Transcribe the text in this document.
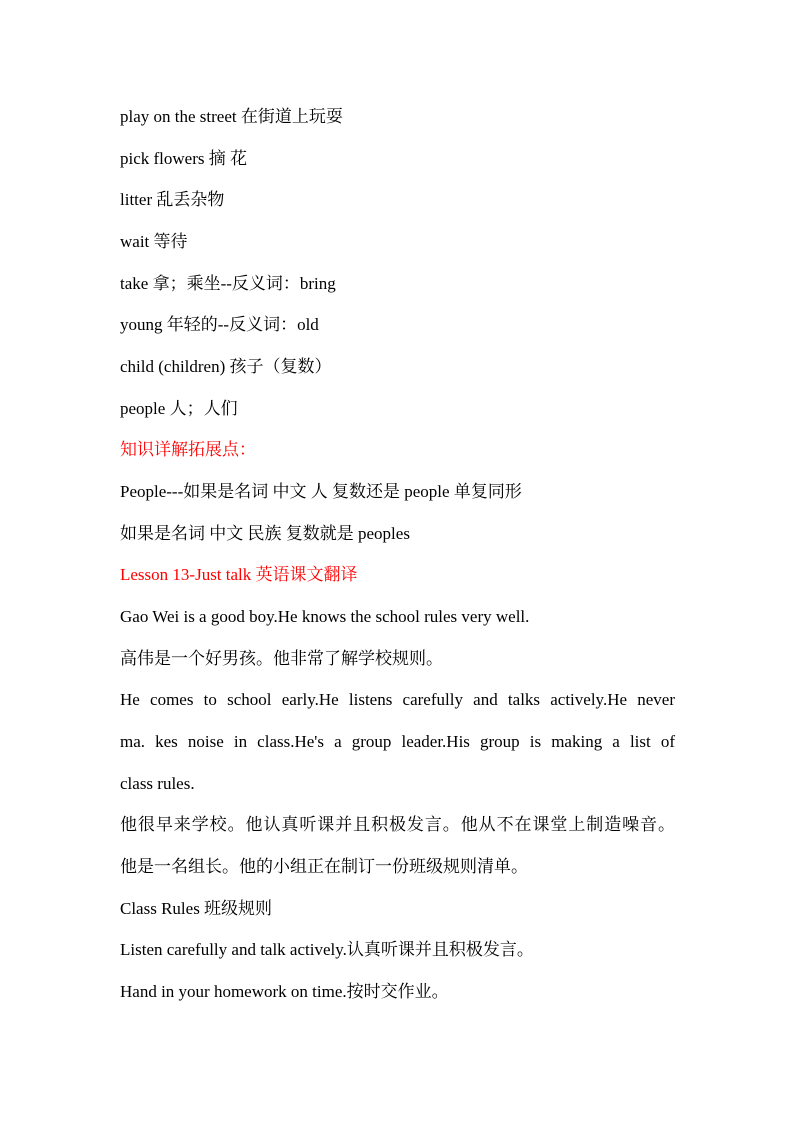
play on the street 在街道上玩耍
pick flowers 摘 花
litter 乱丢杂物
wait 等待
take 拿；乘坐--反义词：bring
young 年轻的--反义词：old
child (children) 孩子（复数）
people 人；人们
知识详解拓展点：
People---如果是名词 中文 人 复数还是 people 单复同形
如果是名词 中文 民族 复数就是 peoples
Lesson 13-Just talk 英语课文翻译
Gao Wei is a good boy.He knows the school rules very well.
高伟是一个好男孩。他非常了解学校规则。
He comes to school early.He listens carefully and talks actively.He never
ma. kes noise in class.He's a group leader.His group is making a list of
class rules.
他很早来学校。他认真听课并且积极发言。他从不在课堂上制造噪音。
他是一名组长。他的小组正在制订一份班级规则清单。
Class Rules 班级规则
Listen carefully and talk actively.认真听课并且积极发言。
Hand in your homework on time.按时交作业。
